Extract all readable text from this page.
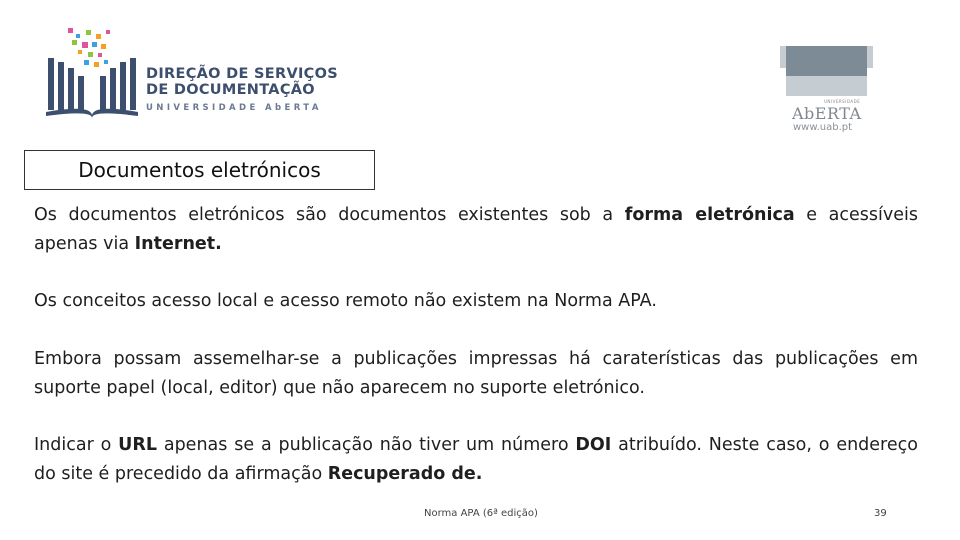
DIREÇÃO DE SERVIÇOS
DE DOCUMENTAÇÃO
UNIVERSIDADE AbERTA
UNIVERSIDADE
AbERTA
www.uab.pt
Documentos eletrónicos

Os documentos eletrónicos são documentos existentes sob a forma eletrónica e acessíveis apenas via Internet.

Os conceitos acesso local e acesso remoto não existem na Norma APA.

Embora possam assemelhar-se a publicações impressas há caraterísticas das publicações em suporte papel (local, editor) que não aparecem no suporte eletrónico.

Indicar o URL apenas se a publicação não tiver um número DOI atribuído. Neste caso, o endereço do site é precedido da afirmação Recuperado de.

Norma APA (6ª edição)	39
